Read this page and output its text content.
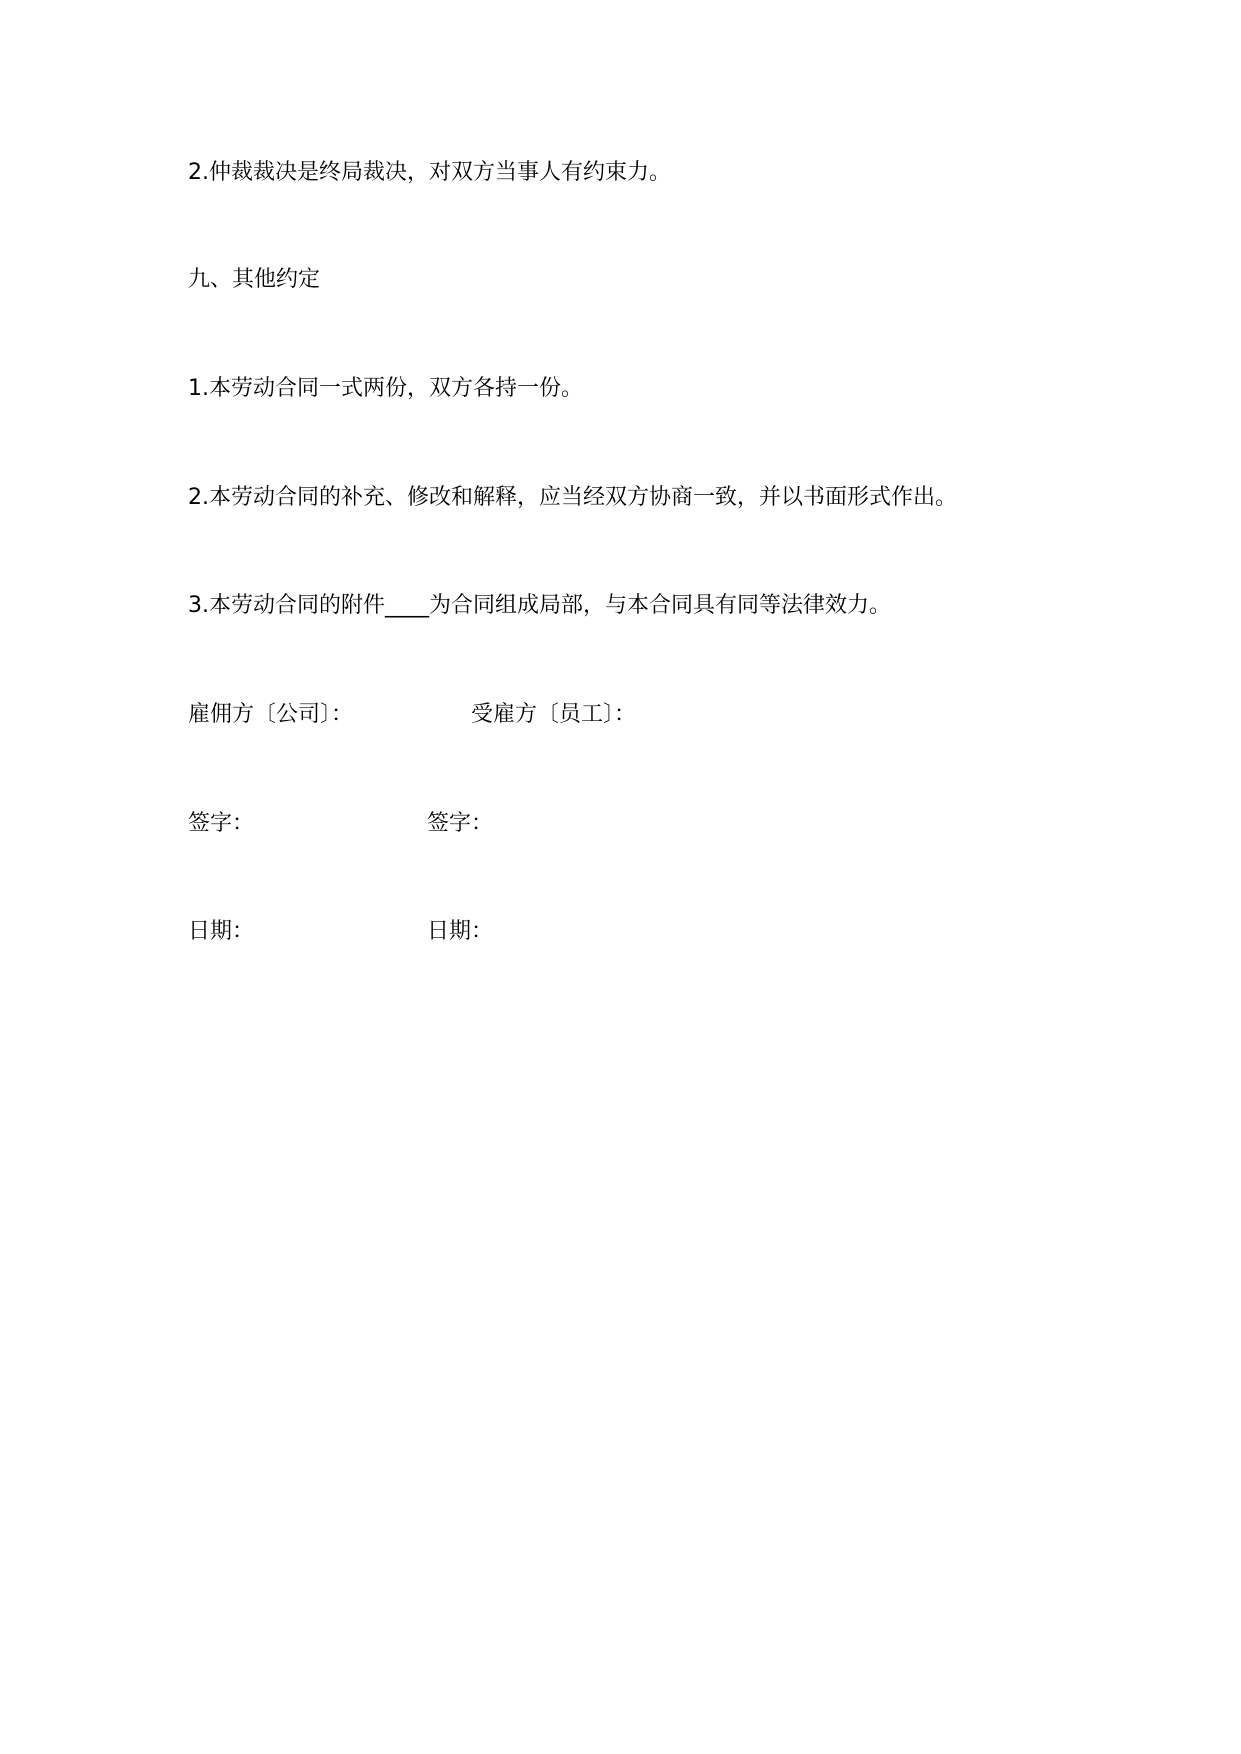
2.仲裁裁决是终局裁决，对双方当事人有约束力。
九、其他约定
1.本劳动合同一式两份，双方各持一份。
2.本劳动合同的补充、修改和解释，应当经双方协商一致，并以书面形式作出。
3.本劳动合同的附件____为合同组成局部，与本合同具有同等法律效力。
雇佣方〔公司〕：	受雇方〔员工〕：
签字：	签字：
日期：	日期：
